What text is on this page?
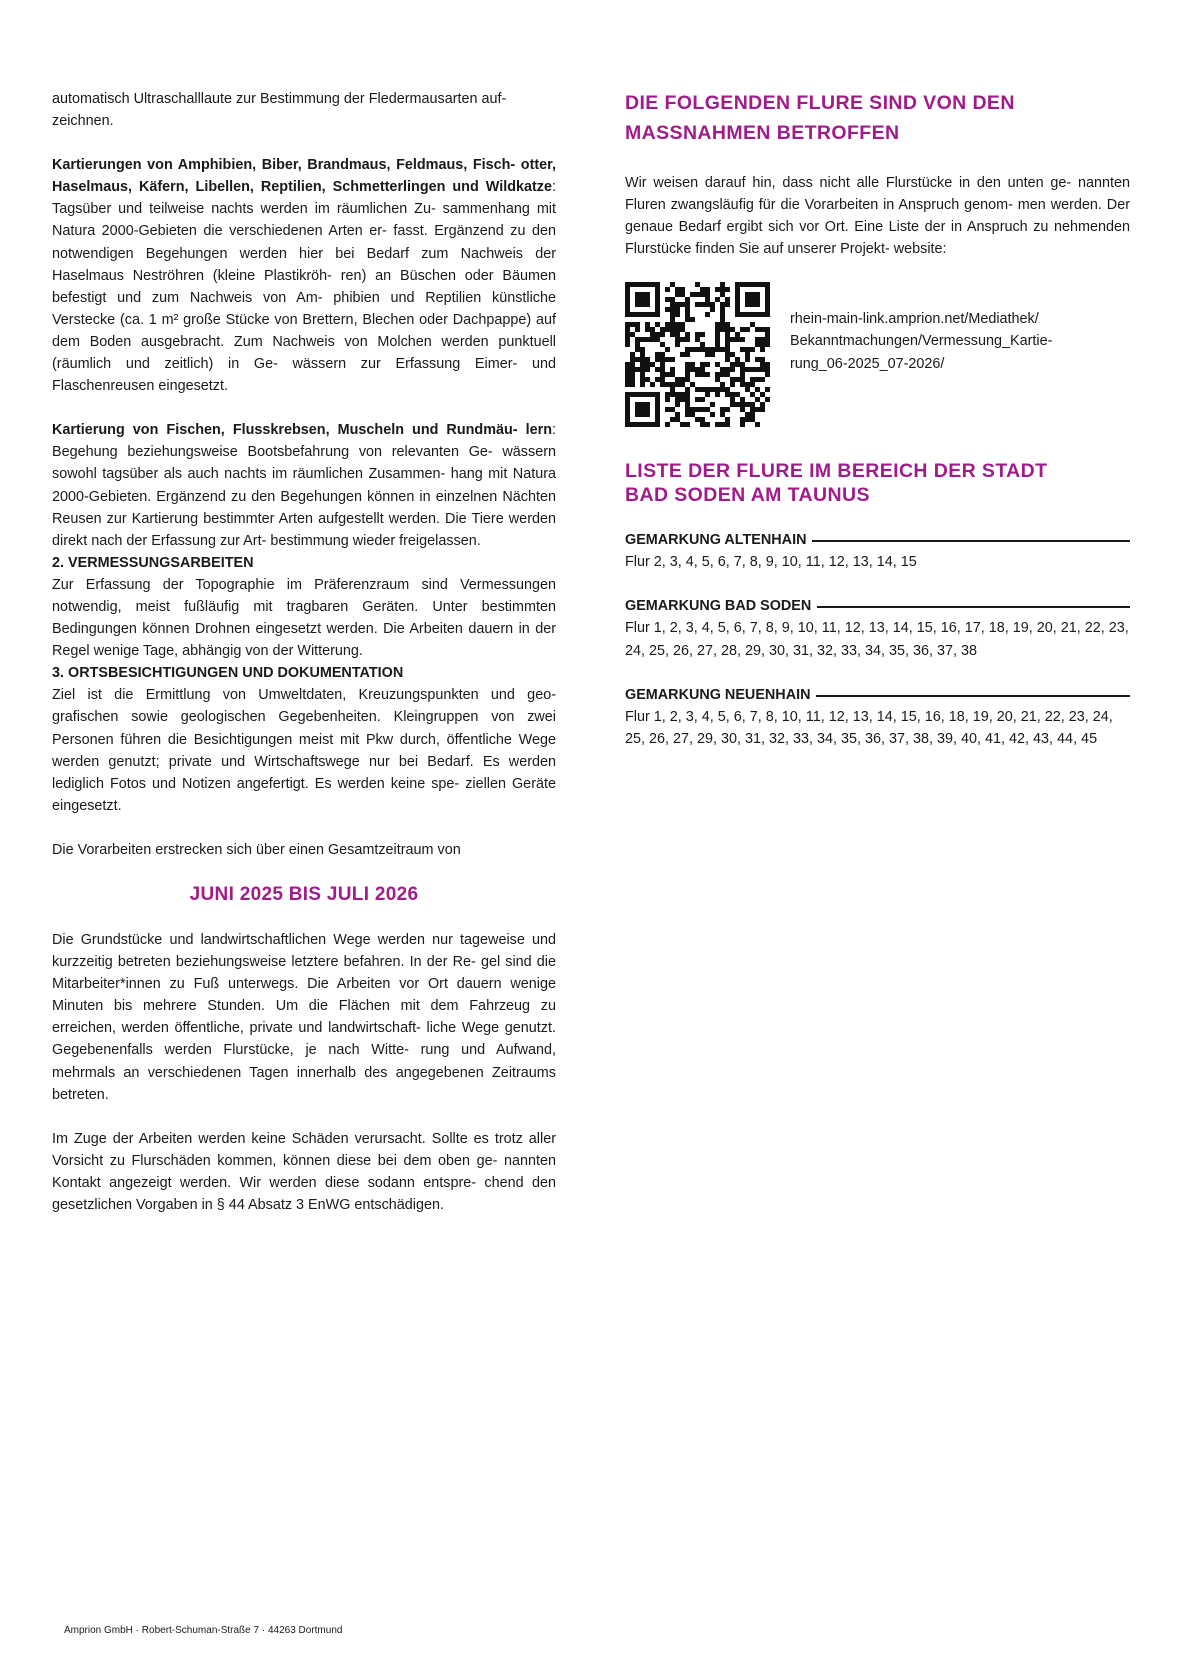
automatisch Ultraschalllaute zur Bestimmung der Fledermausarten auf-

zeichnen.

Kartierungen von Amphibien, Biber, Brandmaus, Feldmaus, Fisch- otter, Haselmaus, Käfern, Libellen, Reptilien, Schmetterlingen und Wildkatze: Tagsüber und teilweise nachts werden im räumlichen Zu- sammenhang mit Natura 2000-Gebieten die verschiedenen Arten er- fasst. Ergänzend zu den notwendigen Begehungen werden hier bei Bedarf zum Nachweis der Haselmaus Neströhren (kleine Plastikröh- ren) an Büschen oder Bäumen befestigt und zum Nachweis von Am- phibien und Reptilien künstliche Verstecke (ca. 1 m² große Stücke von Brettern, Blechen oder Dachpappe) auf dem Boden ausgebracht. Zum Nachweis von Molchen werden punktuell (räumlich und zeitlich) in Ge- wässern zur Erfassung Eimer- und Flaschenreusen eingesetzt.

Kartierung von Fischen, Flusskrebsen, Muscheln und Rundmäu- lern: Begehung beziehungsweise Bootsbefahrung von relevanten Ge- wässern sowohl tagsüber als auch nachts im räumlichen Zusammen- hang mit Natura 2000-Gebieten. Ergänzend zu den Begehungen können in einzelnen Nächten Reusen zur Kartierung bestimmter Arten aufgestellt werden. Die Tiere werden direkt nach der Erfassung zur Art- bestimmung wieder freigelassen.

2. VERMESSUNGSARBEITEN

Zur Erfassung der Topographie im Präferenzraum sind Vermessungen notwendig, meist fußläufig mit tragbaren Geräten. Unter bestimmten Bedingungen können Drohnen eingesetzt werden. Die Arbeiten dauern in der Regel wenige Tage, abhängig von der Witterung.

3. ORTSBESICHTIGUNGEN UND DOKUMENTATION

Ziel ist die Ermittlung von Umweltdaten, Kreuzungspunkten und geo- grafischen sowie geologischen Gegebenheiten. Kleingruppen von zwei Personen führen die Besichtigungen meist mit Pkw durch, öffentliche Wege werden genutzt; private und Wirtschaftswege nur bei Bedarf. Es werden lediglich Fotos und Notizen angefertigt. Es werden keine spe- ziellen Geräte eingesetzt.

Die Vorarbeiten erstrecken sich über einen Gesamtzeitraum von

JUNI 2025 BIS JULI 2026

Die Grundstücke und landwirtschaftlichen Wege werden nur tageweise und kurzzeitig betreten beziehungsweise letztere befahren. In der Re- gel sind die Mitarbeiter*innen zu Fuß unterwegs. Die Arbeiten vor Ort dauern wenige Minuten bis mehrere Stunden. Um die Flächen mit dem Fahrzeug zu erreichen, werden öffentliche, private und landwirtschaft- liche Wege genutzt. Gegebenenfalls werden Flurstücke, je nach Witte- rung und Aufwand, mehrmals an verschiedenen Tagen innerhalb des angegebenen Zeitraums betreten.

Im Zuge der Arbeiten werden keine Schäden verursacht. Sollte es trotz aller Vorsicht zu Flurschäden kommen, können diese bei dem oben ge- nannten Kontakt angezeigt werden. Wir werden diese sodann entspre- chend den gesetzlichen Vorgaben in § 44 Absatz 3 EnWG entschädigen.

DIE FOLGENDEN FLURE SIND VON DEN
MASSNAHMEN BETROFFEN

Wir weisen darauf hin, dass nicht alle Flurstücke in den unten ge- nannten Fluren zwangsläufig für die Vorarbeiten in Anspruch genom- men werden. Der genaue Bedarf ergibt sich vor Ort. Eine Liste der in Anspruch zu nehmenden Flurstücke finden Sie auf unserer Projekt- website:

rhein-main-link.amprion.net/Mediathek/
Bekanntmachungen/Vermessung_Kartie-
rung_06-2025_07-2026/
LISTE DER FLURE IM BEREICH DER STADT
BAD SODEN AM TAUNUS
GEMARKUNG ALTENHAIN

Flur 2, 3, 4, 5, 6, 7, 8, 9, 10, 11, 12, 13, 14, 15

GEMARKUNG BAD SODEN

Flur 1, 2, 3, 4, 5, 6, 7, 8, 9, 10, 11, 12, 13, 14, 15, 16, 17, 18, 19, 20, 21, 22, 23, 24, 25, 26, 27, 28, 29, 30, 31, 32, 33, 34, 35, 36, 37, 38

GEMARKUNG NEUENHAIN

Flur 1, 2, 3, 4, 5, 6, 7, 8, 10, 11, 12, 13, 14, 15, 16, 18, 19, 20, 21, 22, 23, 24, 25, 26, 27, 29, 30, 31, 32, 33, 34, 35, 36, 37, 38, 39, 40, 41, 42, 43, 44, 45

Amprion GmbH · Robert-Schuman-Straße 7 · 44263 Dortmund
